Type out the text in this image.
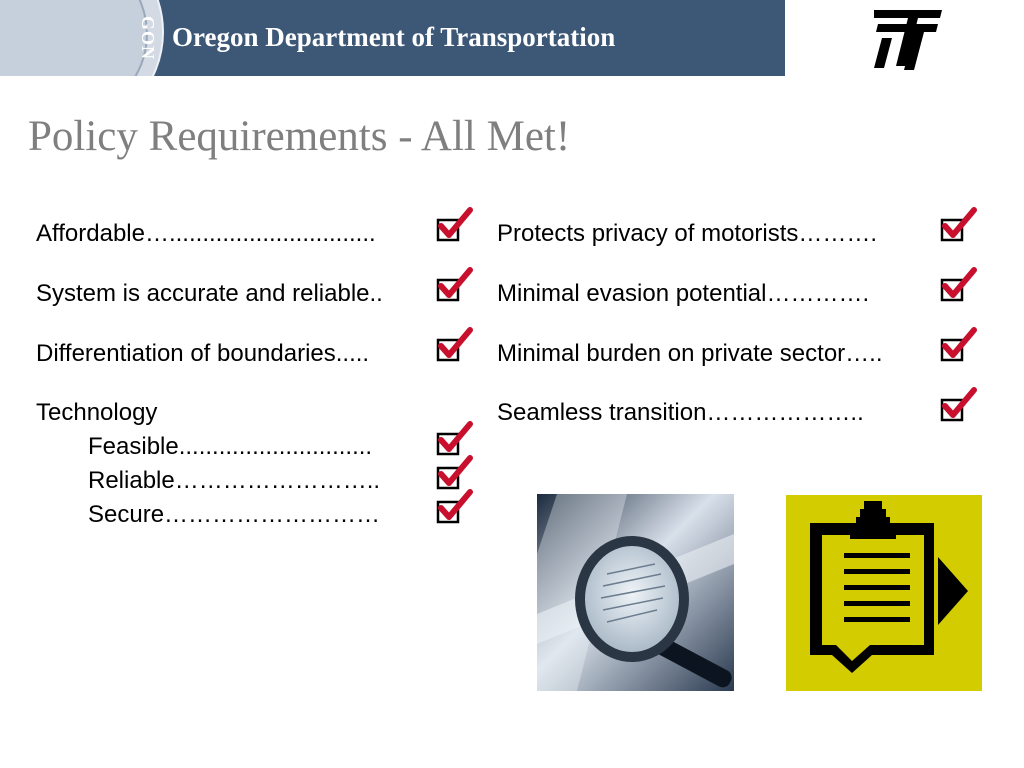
GON Oregon Department of Transportation
Policy Requirements - All Met!
Affordable…...............................
System is accurate and reliable..
Differentiation of boundaries.....
Technology
Feasible.............................
Reliable……………………..
Secure………………………
Protects privacy of motorists……….
Minimal evasion potential………….
Minimal burden on private sector…..
Seamless transition………………..
